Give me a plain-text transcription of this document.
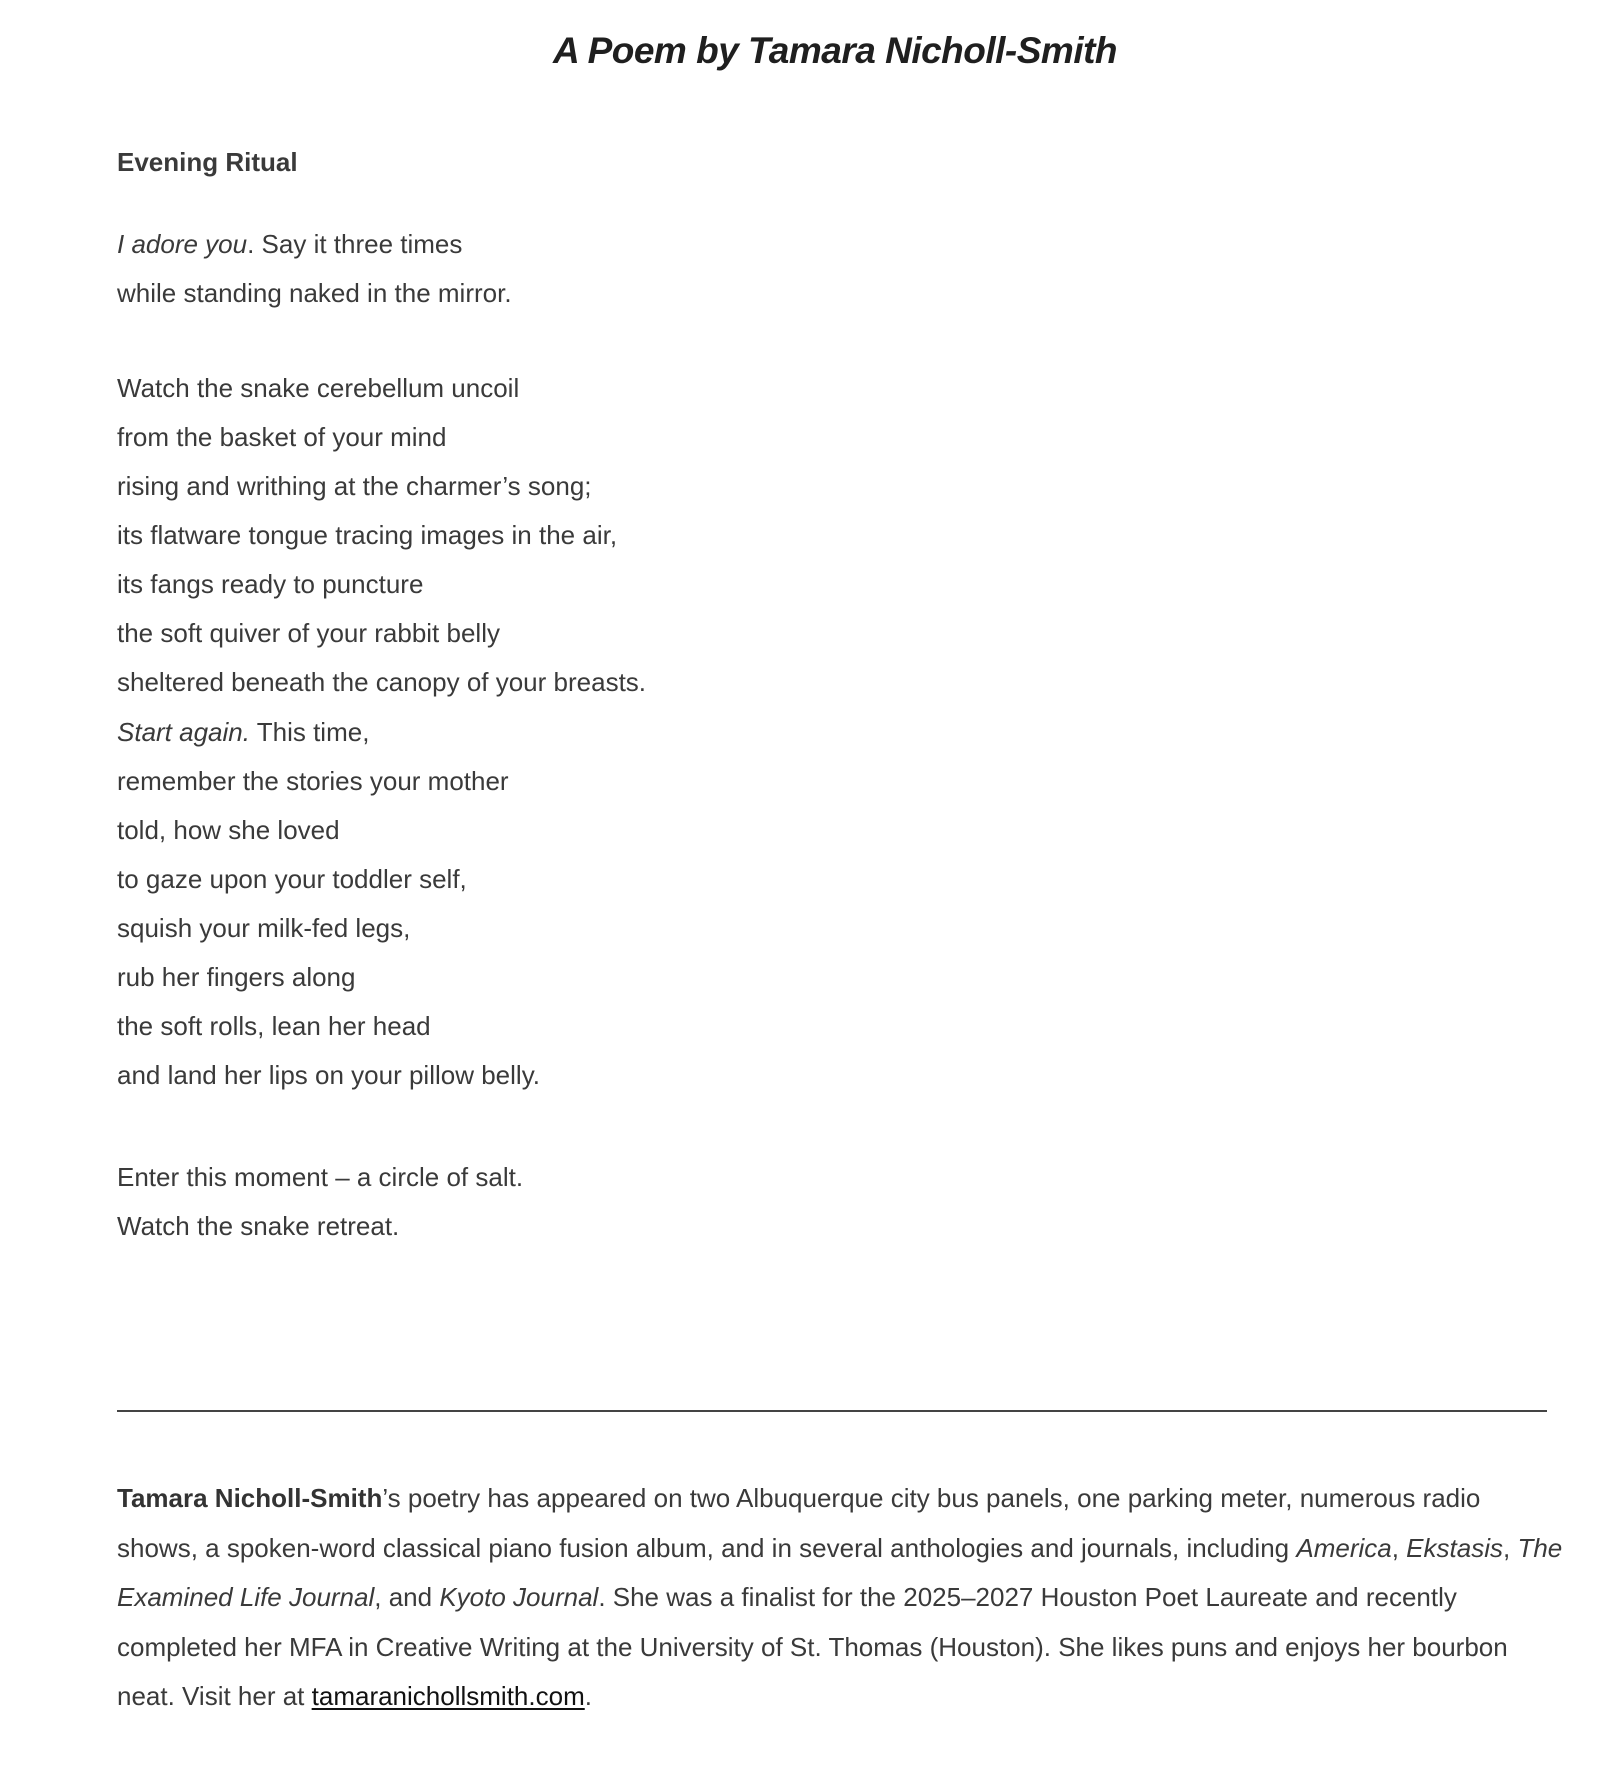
A Poem by Tamara Nicholl-Smith
Evening Ritual
I adore you. Say it three times
while standing naked in the mirror.
Watch the snake cerebellum uncoil
from the basket of your mind
rising and writhing at the charmer’s song;
its flatware tongue tracing images in the air,
its fangs ready to puncture
the soft quiver of your rabbit belly
sheltered beneath the canopy of your breasts.
Start again. This time,
remember the stories your mother
told, how she loved
to gaze upon your toddler self,
squish your milk-fed legs,
rub her fingers along
the soft rolls, lean her head
and land her lips on your pillow belly.
Enter this moment – a circle of salt.
Watch the snake retreat.

Tamara Nicholl-Smith’s poetry has appeared on two Albuquerque city bus panels, one parking meter, numerous radio shows, a spoken-word classical piano fusion album, and in several anthologies and journals, including America, Ekstasis, The Examined Life Journal, and Kyoto Journal. She was a finalist for the 2025–2027 Houston Poet Laureate and recently completed her MFA in Creative Writing at the University of St. Thomas (Houston). She likes puns and enjoys her bourbon neat. Visit her at tamaranichollsmith.com.
